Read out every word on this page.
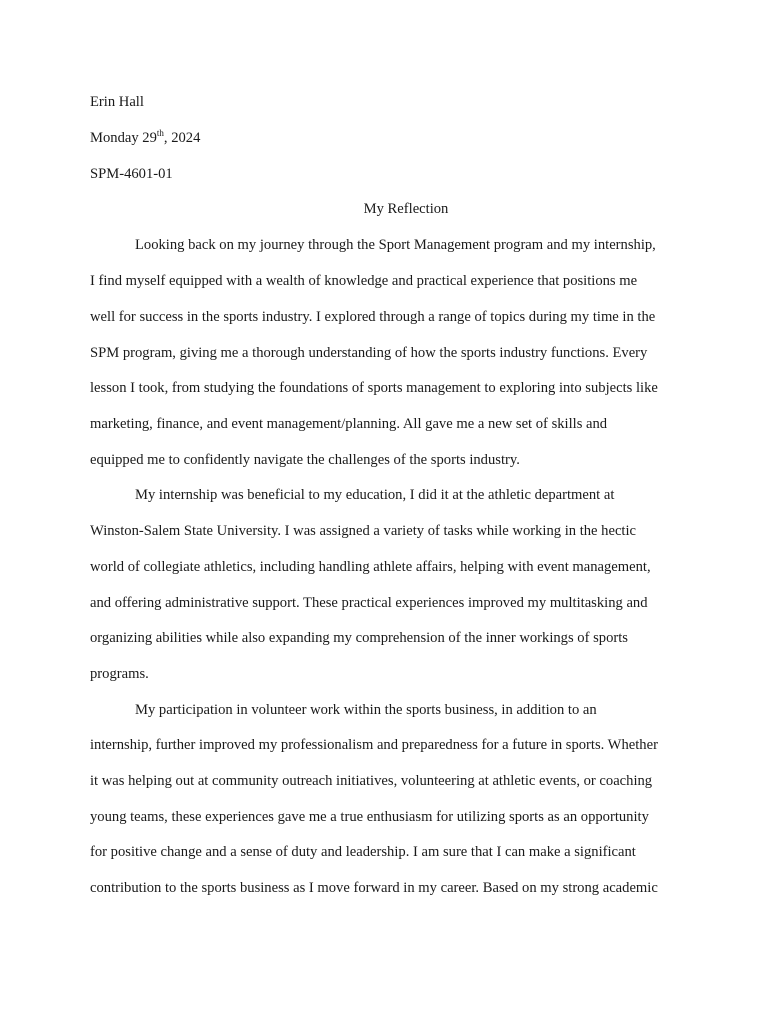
Erin Hall
Monday 29th, 2024
SPM-4601-01
My Reflection
Looking back on my journey through the Sport Management program and my internship,
I find myself equipped with a wealth of knowledge and practical experience that positions me
well for success in the sports industry. I explored through a range of topics during my time in the
SPM program, giving me a thorough understanding of how the sports industry functions. Every
lesson I took, from studying the foundations of sports management to exploring into subjects like
marketing, finance, and event management/planning. All gave me a new set of skills and
equipped me to confidently navigate the challenges of the sports industry.
My internship was beneficial to my education, I did it at the athletic department at
Winston-Salem State University. I was assigned a variety of tasks while working in the hectic
world of collegiate athletics, including handling athlete affairs, helping with event management,
and offering administrative support. These practical experiences improved my multitasking and
organizing abilities while also expanding my comprehension of the inner workings of sports
programs.
My participation in volunteer work within the sports business, in addition to an
internship, further improved my professionalism and preparedness for a future in sports. Whether
it was helping out at community outreach initiatives, volunteering at athletic events, or coaching
young teams, these experiences gave me a true enthusiasm for utilizing sports as an opportunity
for positive change and a sense of duty and leadership. I am sure that I can make a significant
contribution to the sports business as I move forward in my career. Based on my strong academic
